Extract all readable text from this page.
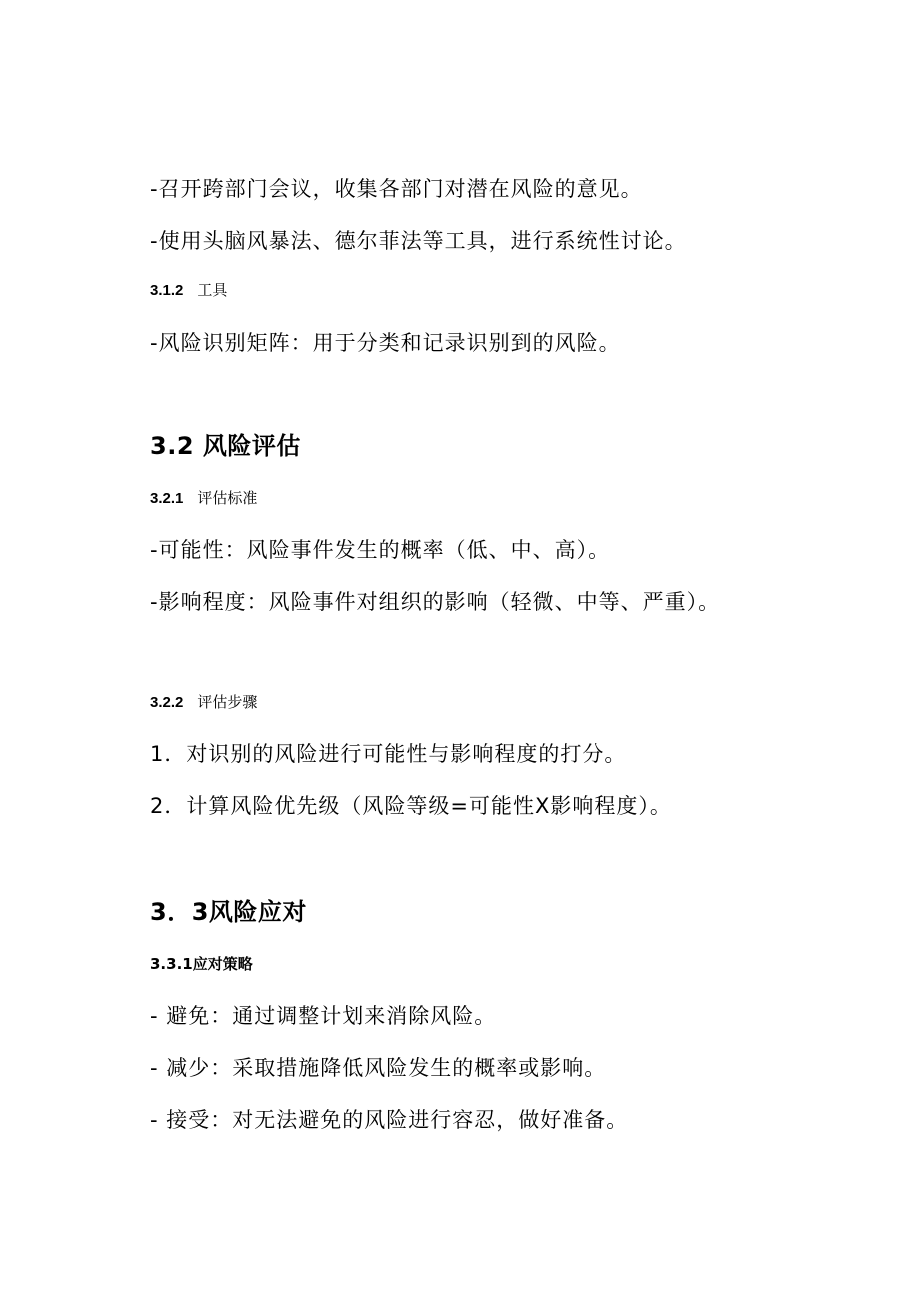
-召开跨部门会议，收集各部门对潜在风险的意见。

-使用头脑风暴法、德尔菲法等工具，进行系统性讨论。

3.1.2 工具

-风险识别矩阵：用于分类和记录识别到的风险。

3.2 风险评估

3.2.1 评估标准

-可能性：风险事件发生的概率（低、中、高）。

-影响程度：风险事件对组织的影响（轻微、中等、严重）。

3.2.2 评估步骤

1．对识别的风险进行可能性与影响程度的打分。

2．计算风险优先级（风险等级=可能性X影响程度）。

3．3风险应对

3.3.1应对策略

- 避免：通过调整计划来消除风险。

- 减少：采取措施降低风险发生的概率或影响。

- 接受：对无法避免的风险进行容忍，做好准备。
